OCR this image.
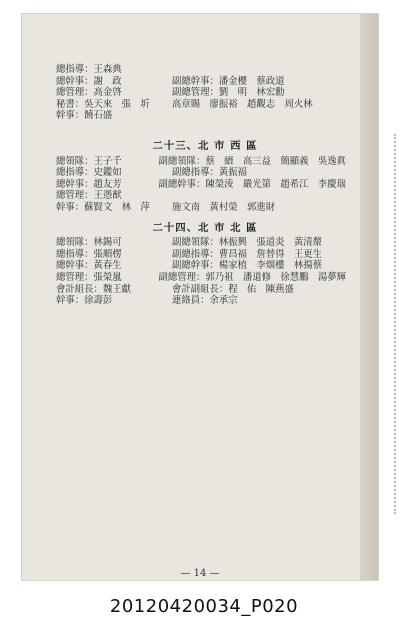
總指導：王森典
總幹事：謝　政	副總幹事：潘金櫻　蔡政道
總管理：高金啓	副總管理：劉　明　林宏勳
秘書：吳天來　張　圻	高章賜　廖振裕　趙觀志　周火林
幹事：饒石盛
二十三、北 市 西 區
總領隊：王子千	副總領隊：蔡　縉　高三益　簡顯義　吳逸眞
總指導：史鑑如	副總指導：黃振福
總幹事：趙友芳	副總幹事：陳榮淩　嚴光第　趙希江　李慶瑞
總管理：王憑猷
幹事：蘇賢文　林　萍	施文南　黃村榮　郭進財
二十四、北 市 北 區
總領隊：林錫可	副總領隊：林振興　張道炎　黃清漦
總指導：張順楞	副總指導：曹昌福　詹替得　王更生
總幹事：黃春生	副總幹事：楊家植　李烟樓　林揚蔡
總管理：張榮嵐	副總管理：郭乃祖　潘道修　徐慧鵬　湯夢輝
會計組長：魏王獻	會計副組長：程　佑　陳燕盛
幹事：徐壽彭	連絡員：余承宗
— 14 —
20120420034_P020
